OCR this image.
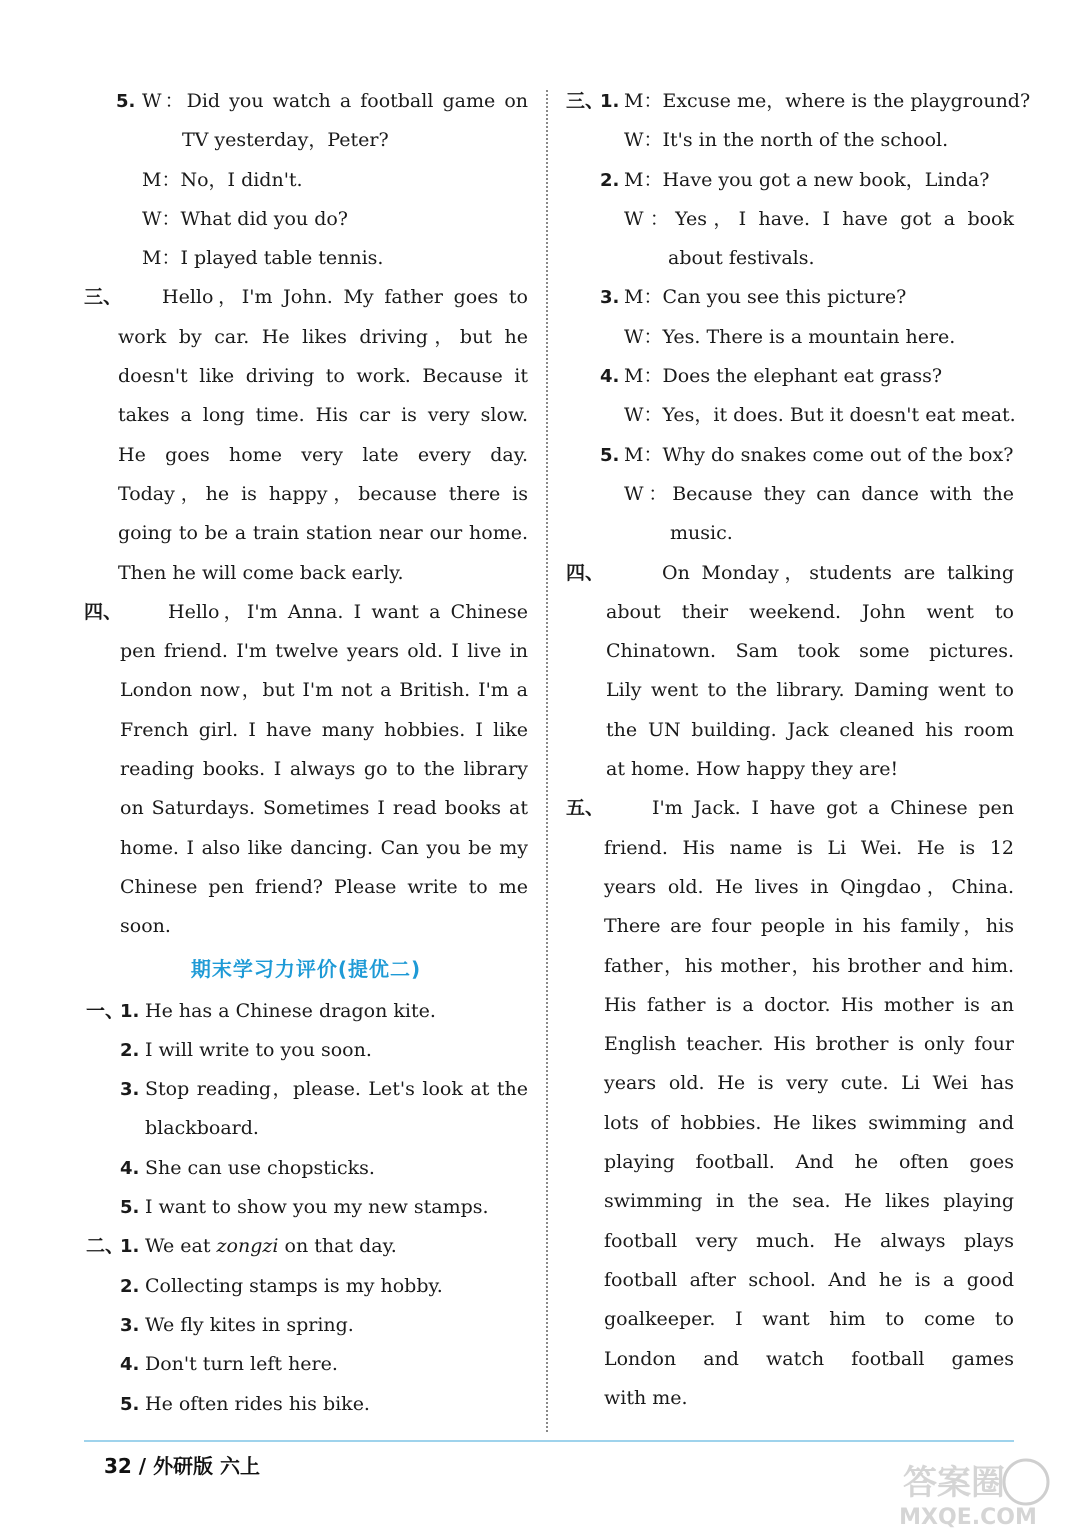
5. W：Did you watch a football game on
TV yesterday，Peter?
M：No，I didn't.
W：What did you do?
M：I played table tennis.
三、 Hello，I'm John. My father goes to
work by car. He likes driving，but he
doesn't like driving to work. Because it
takes a long time. His car is very slow.
He goes home very late every day.
Today，he is happy，because there is
going to be a train station near our home.
Then he will come back early.
四、 Hello，I'm Anna. I want a Chinese
pen friend. I'm twelve years old. I live in
London now，but I'm not a British. I'm a
French girl. I have many hobbies. I like
reading books. I always go to the library
on Saturdays. Sometimes I read books at
home. I also like dancing. Can you be my
Chinese pen friend? Please write to me
soon.
期末学习力评价(提优二)
一、
1. He has a Chinese dragon kite.
2. I will write to you soon.
3. Stop reading，please. Let's look at the
blackboard.
4. She can use chopsticks.
5. I want to show you my new stamps.
二、
1. We eat zongzi on that day.
2. Collecting stamps is my hobby.
3. We fly kites in spring.
4. Don't turn left here.
5. He often rides his bike.
三、
1. M：Excuse me，where is the playground?
W：It's in the north of the school.
2. M：Have you got a new book，Linda?
W：Yes，I have. I have got a book
about festivals.
3. M：Can you see this picture?
W：Yes. There is a mountain here.
4. M：Does the elephant eat grass?
W：Yes，it does. But it doesn't eat meat.
5. M：Why do snakes come out of the box?
W：Because they can dance with the
music.
四、	On Monday，students are talking
about their weekend. John went to
Chinatown. Sam took some pictures.
Lily went to the library. Daming went to
the UN building. Jack cleaned his room
at home. How happy they are!
五、	I'm Jack. I have got a Chinese pen
friend. His name is Li Wei. He is 12
years old. He lives in Qingdao，China.
There are four people in his family，his
father，his mother，his brother and him.
His father is a doctor. His mother is an
English teacher. His brother is only four
years old. He is very cute. Li Wei has
lots of hobbies. He likes swimming and
playing football. And he often goes
swimming in the sea. He likes playing
football very much. He always plays
football after school. And he is a good
goalkeeper. I want him to come to
London and watch football games
with me.
32 / 外研版 六上	答案圈
MXQE.COM
